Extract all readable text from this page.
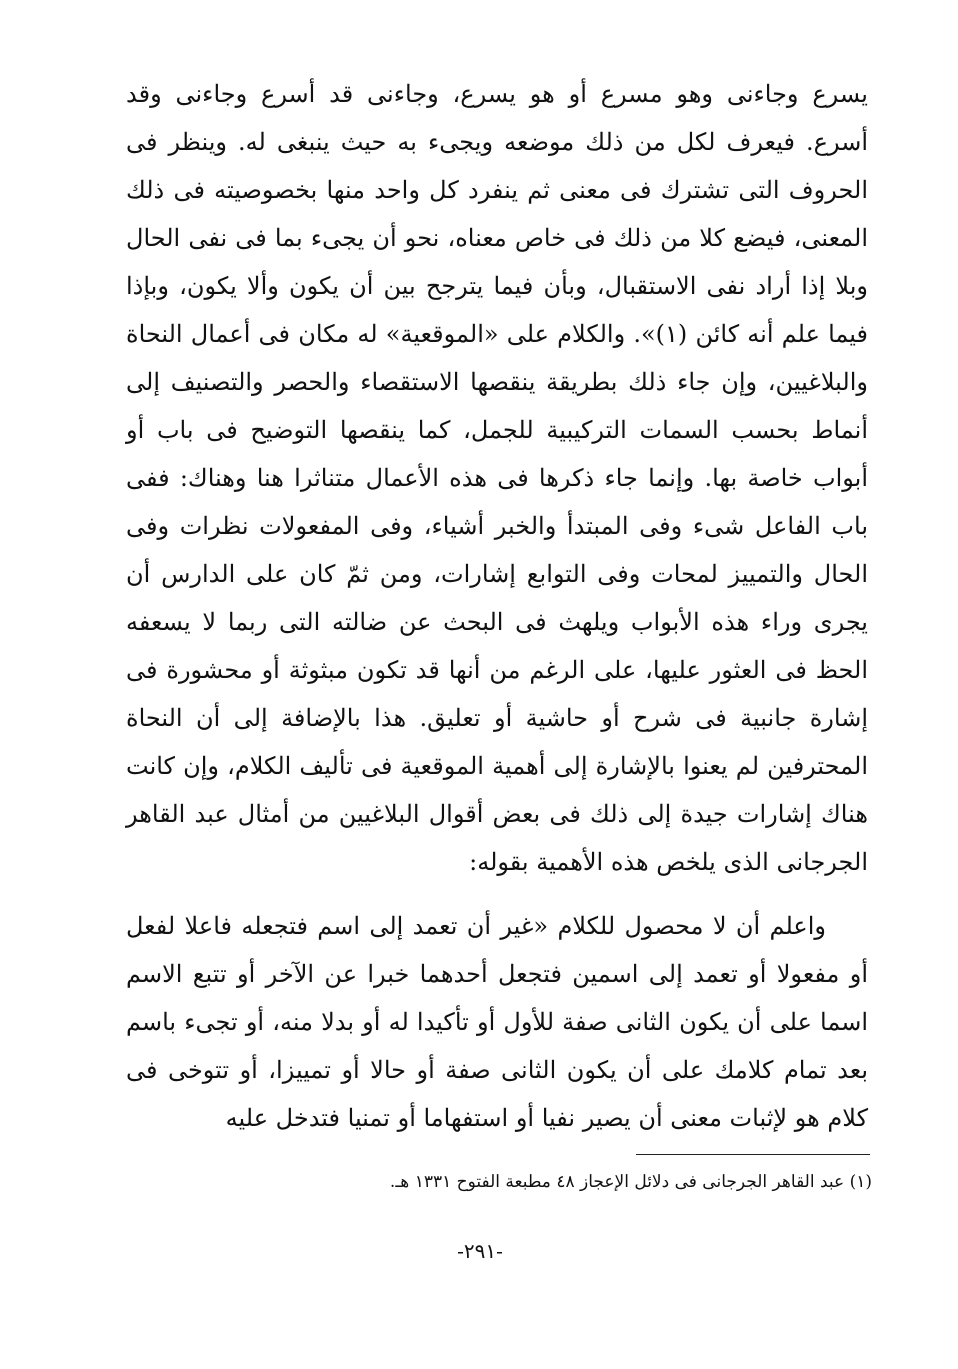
يسرع وجاءنى وهو مسرع أو هو يسرع، وجاءنى قد أسرع وجاءنى وقد أسرع. فيعرف لكل من ذلك موضعه ويجىء به حيث ينبغى له. وينظر فى الحروف التى تشترك فى معنى ثم ينفرد كل واحد منها بخصوصيته فى ذلك المعنى، فيضع كلا من ذلك فى خاص معناه، نحو أن يجىء بما فى نفى الحال وبلا إذا أراد نفى الاستقبال، وبأن فيما يترجح بين أن يكون وألا يكون، وبإذا فيما علم أنه كائن (١)». والكلام على «الموقعية» له مكان فى أعمال النحاة والبلاغيين، وإن جاء ذلك بطريقة ينقصها الاستقصاء والحصر والتصنيف إلى أنماط بحسب السمات التركيبية للجمل، كما ينقصها التوضيح فى باب أو أبواب خاصة بها. وإنما جاء ذكرها فى هذه الأعمال متناثرا هنا وهناك: ففى باب الفاعل شىء وفى المبتدأ والخبر أشياء، وفى المفعولات نظرات وفى الحال والتمييز لمحات وفى التوابع إشارات، ومن ثمّ كان على الدارس أن يجرى وراء هذه الأبواب ويلهث فى البحث عن ضالته التى ربما لا يسعفه الحظ فى العثور عليها، على الرغم من أنها قد تكون مبثوثة أو محشورة فى إشارة جانبية فى شرح أو حاشية أو تعليق. هذا بالإضافة إلى أن النحاة المحترفين لم يعنوا بالإشارة إلى أهمية الموقعية فى تأليف الكلام، وإن كانت هناك إشارات جيدة إلى ذلك فى بعض أقوال البلاغيين من أمثال عبد القاهر الجرجانى الذى يلخص هذه الأهمية بقوله:

واعلم أن لا محصول للكلام «غير أن تعمد إلى اسم فتجعله فاعلا لفعل أو مفعولا أو تعمد إلى اسمين فتجعل أحدهما خبرا عن الآخر أو تتبع الاسم اسما على أن يكون الثانى صفة للأول أو تأكيدا له أو بدلا منه، أو تجىء باسم بعد تمام كلامك على أن يكون الثانى صفة أو حالا أو تمييزا، أو تتوخى فى كلام هو لإثبات معنى أن يصير نفيا أو استفهاما أو تمنيا فتدخل عليه

(١) عبد القاهر الجرجانى فى دلائل الإعجاز ٤٨ مطبعة الفتوح ١٣٣١ هـ.
-٢٩١-
